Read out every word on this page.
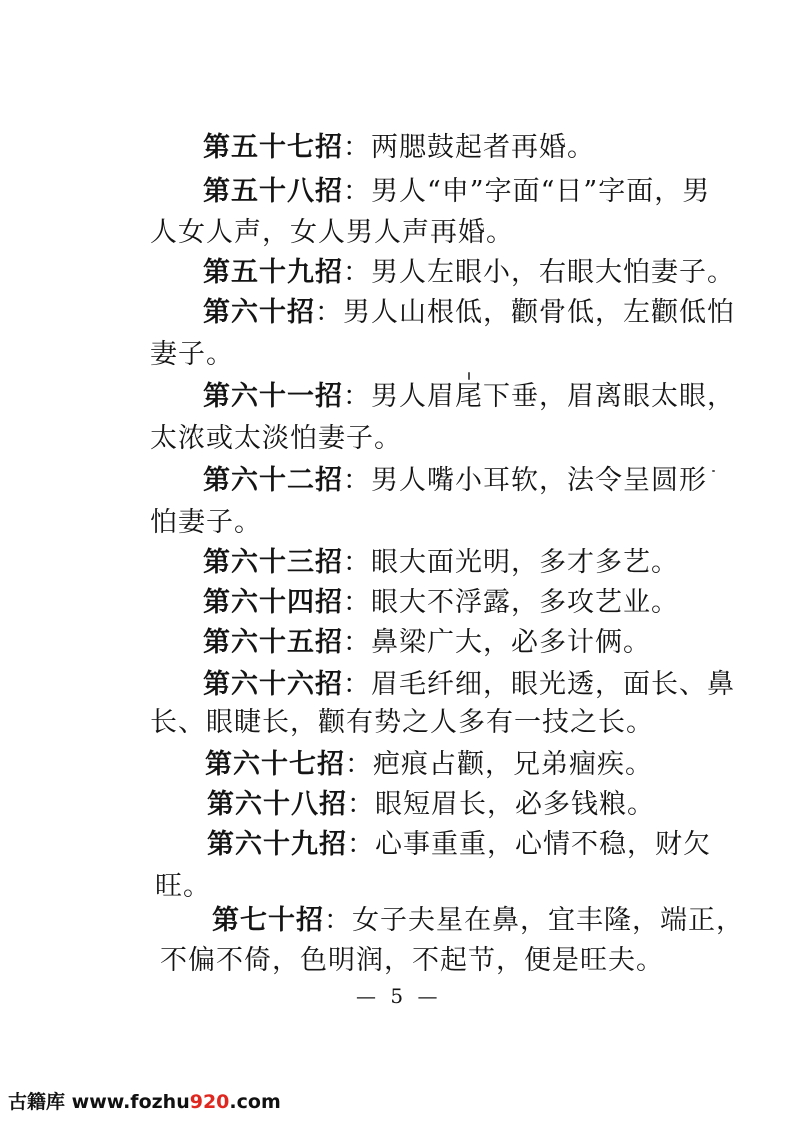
第五十七招：两腮鼓起者再婚。
第五十八招：男人“申”字面“日”字面，男
人女人声，女人男人声再婚。
第五十九招：男人左眼小，右眼大怕妻子。
第六十招：男人山根低，颧骨低，左颧低怕
妻子。
第六十一招：男人眉尾下垂，眉离眼太眼，
太浓或太淡怕妻子。
第六十二招：男人嘴小耳软，法令呈圆形
怕妻子。
第六十三招：眼大面光明，多才多艺。
第六十四招：眼大不浮露，多攻艺业。
第六十五招：鼻梁广大，必多计俩。
第六十六招：眉毛纤细，眼光透，面长、鼻
长、眼睫长，颧有势之人多有一技之长。
第六十七招：疤痕占颧，兄弟痼疾。
第六十八招：眼短眉长，必多钱粮。
第六十九招：心事重重，心情不稳，财欠
旺。
第七十招：女子夫星在鼻，宜丰隆，端正，
不偏不倚，色明润，不起节，便是旺夫。
— 5 —
古籍库 www.fozhu920.com
